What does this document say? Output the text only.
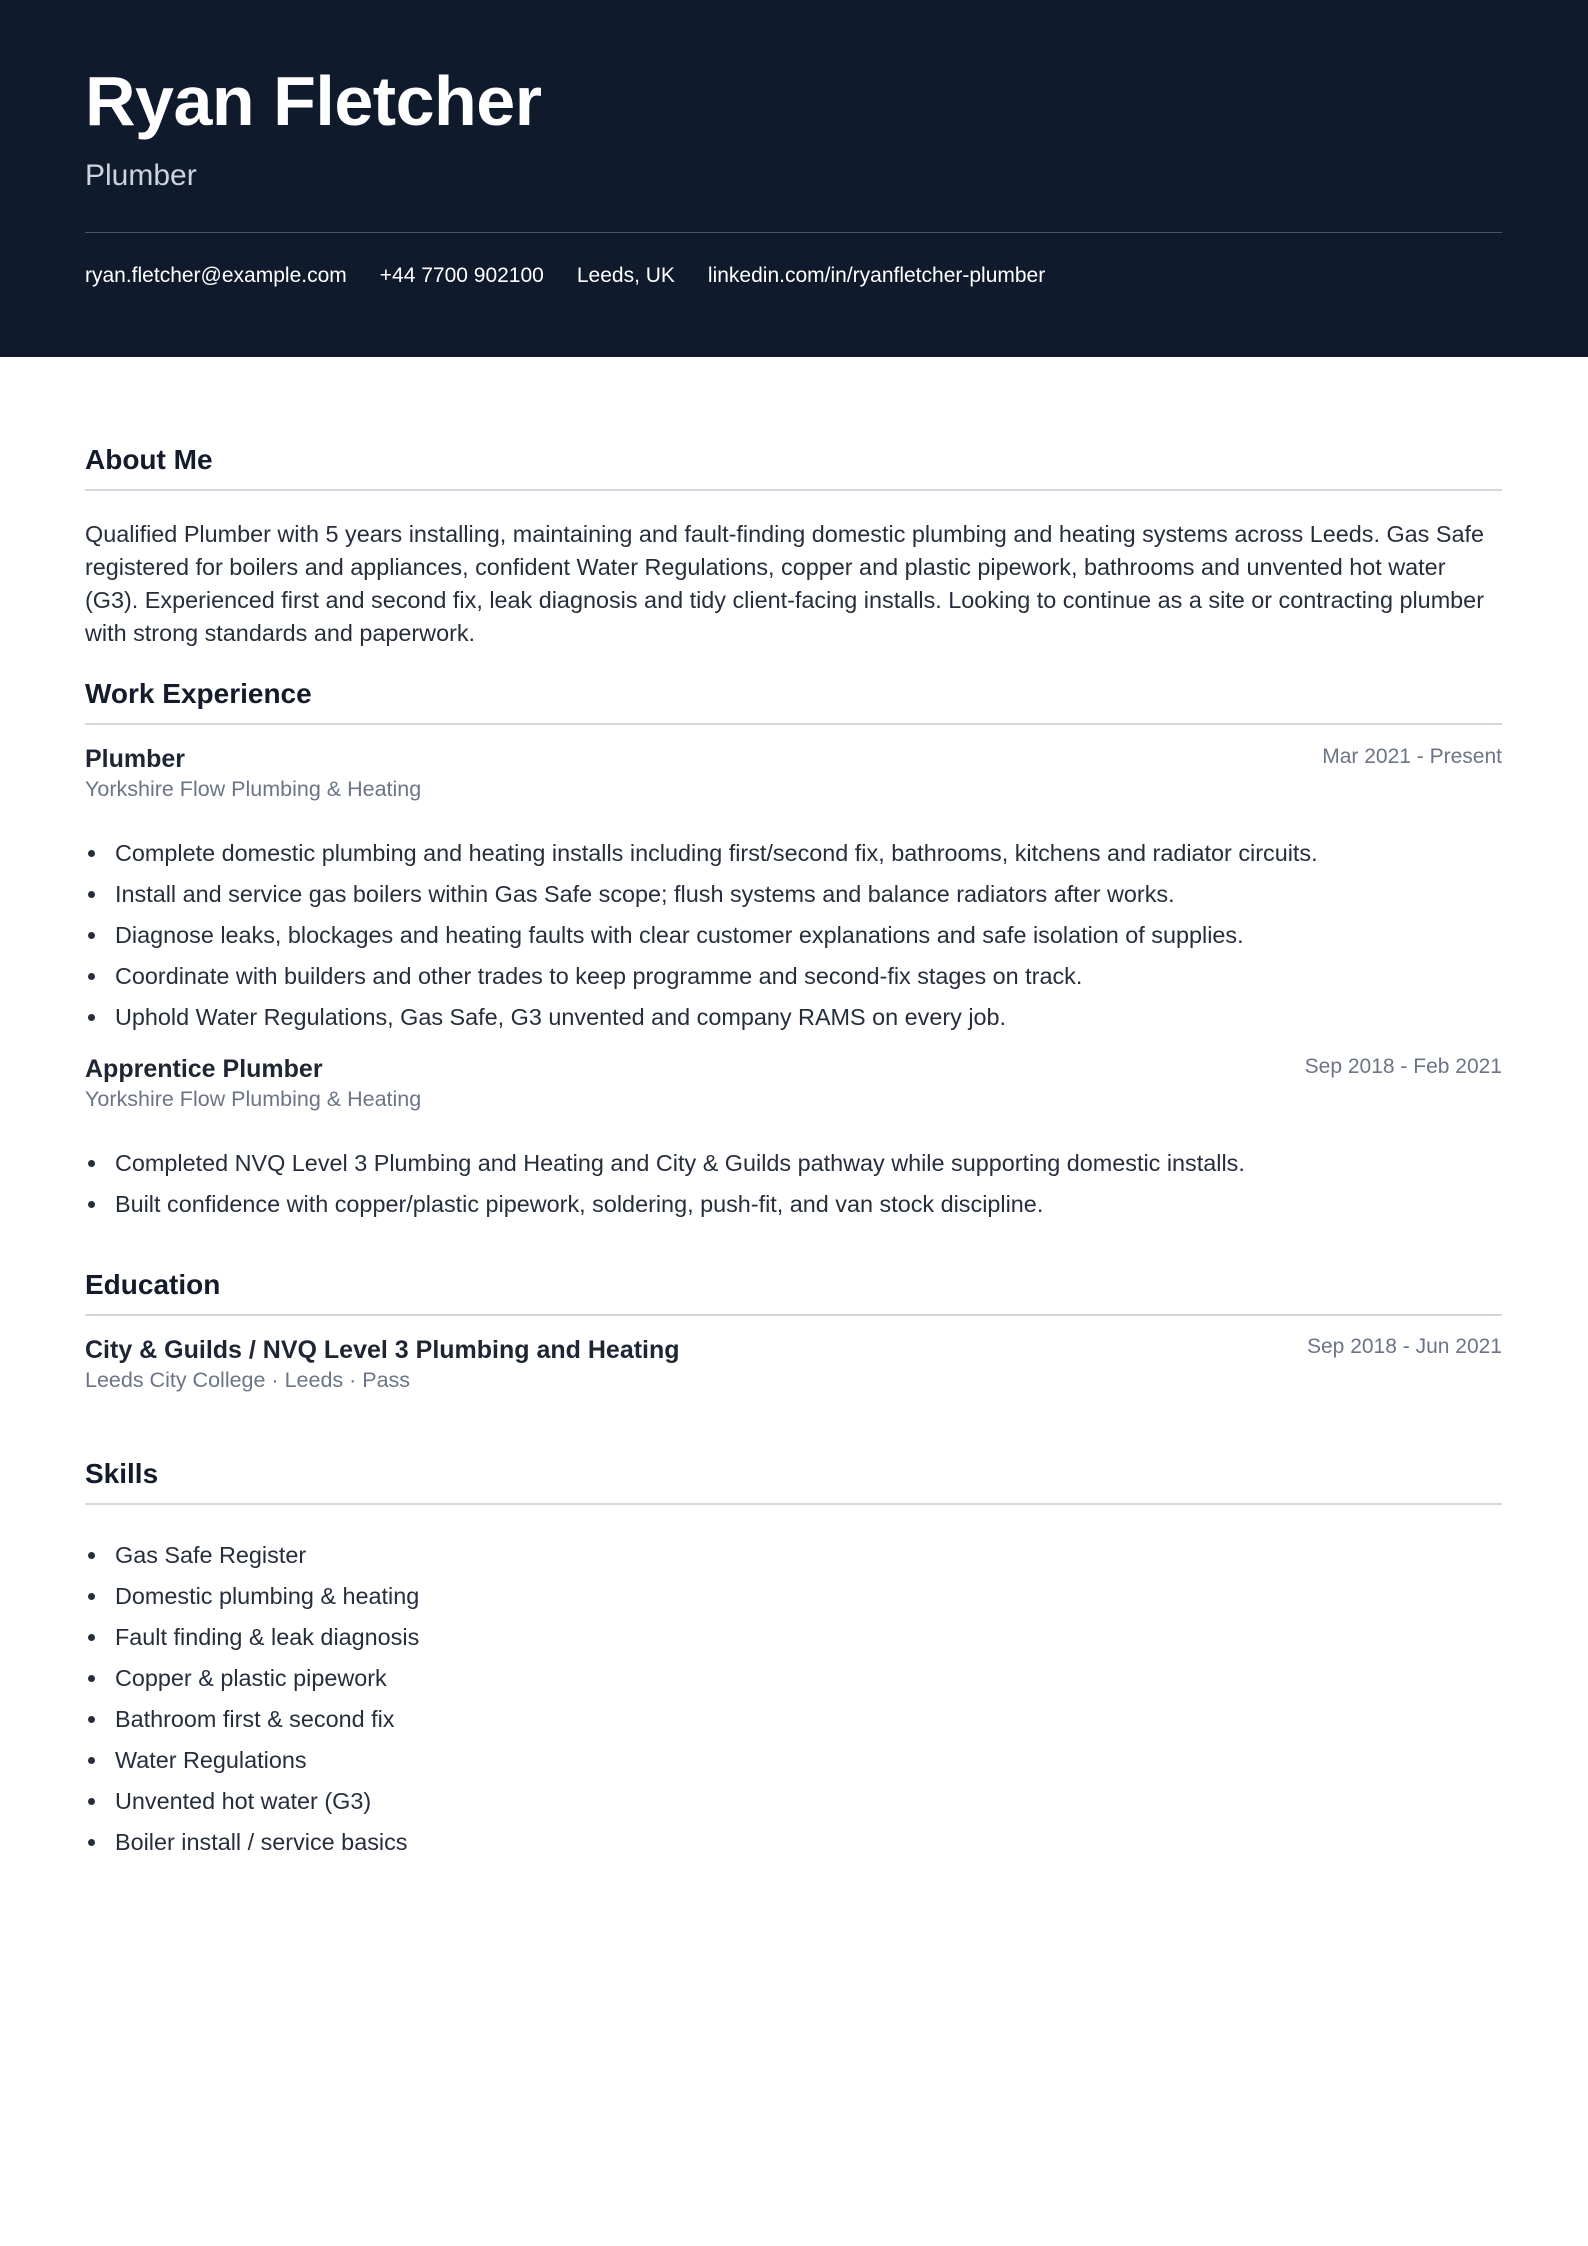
Ryan Fletcher
Plumber
ryan.fletcher@example.com +44 7700 902100 Leeds, UK linkedin.com/in/ryanfletcher-plumber
About Me

Qualified Plumber with 5 years installing, maintaining and fault-finding domestic plumbing and heating systems across Leeds. Gas Safe registered for boilers and appliances, confident Water Regulations, copper and plastic pipework, bathrooms and unvented hot water (G3). Experienced first and second fix, leak diagnosis and tidy client-facing installs. Looking to continue as a site or contracting plumber with strong standards and paperwork.

Work Experience
Plumber	Mar 2021 - Present
Yorkshire Flow Plumbing & Heating
Complete domestic plumbing and heating installs including first/second fix, bathrooms, kitchens and radiator circuits.
Install and service gas boilers within Gas Safe scope; flush systems and balance radiators after works.
Diagnose leaks, blockages and heating faults with clear customer explanations and safe isolation of supplies.
Coordinate with builders and other trades to keep programme and second-fix stages on track.
Uphold Water Regulations, Gas Safe, G3 unvented and company RAMS on every job.
Apprentice Plumber	Sep 2018 - Feb 2021
Yorkshire Flow Plumbing & Heating
Completed NVQ Level 3 Plumbing and Heating and City & Guilds pathway while supporting domestic installs.
Built confidence with copper/plastic pipework, soldering, push-fit, and van stock discipline.
Education
City & Guilds / NVQ Level 3 Plumbing and Heating	Sep 2018 - Jun 2021
Leeds City College · Leeds · Pass
Skills
Gas Safe Register
Domestic plumbing & heating
Fault finding & leak diagnosis
Copper & plastic pipework
Bathroom first & second fix
Water Regulations
Unvented hot water (G3)
Boiler install / service basics
